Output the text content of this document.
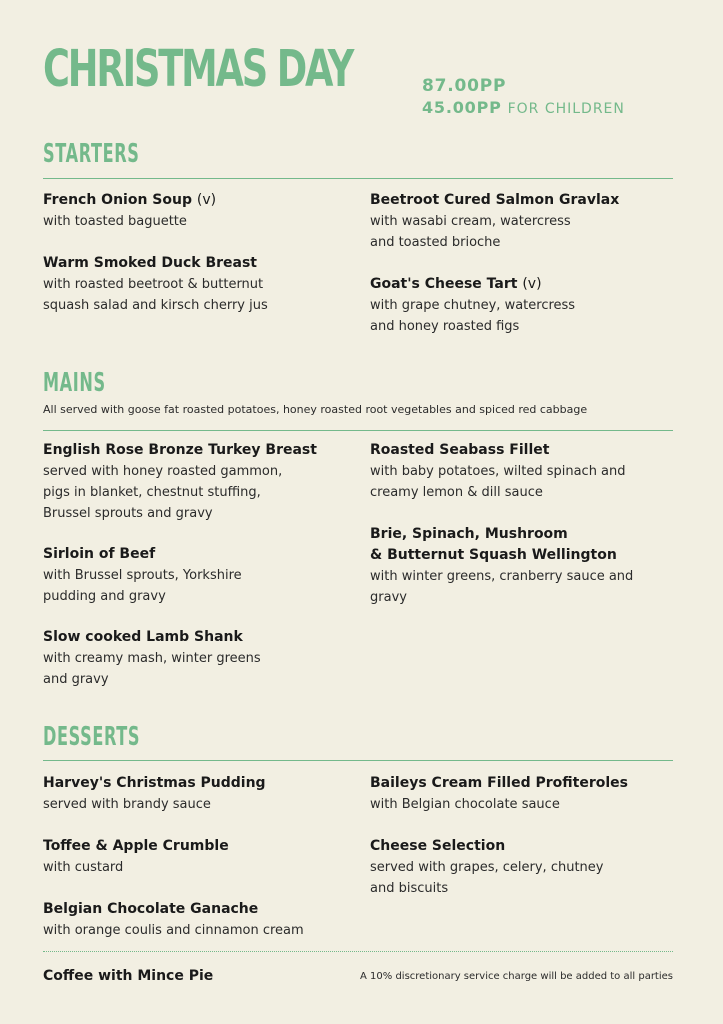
CHRISTMAS DAY	87.00PP
45.00PP FOR CHILDREN
STARTERS
French Onion Soup (v)
with toasted baguette
Warm Smoked Duck Breast
with roasted beetroot & butternut
squash salad and kirsch cherry jus
Beetroot Cured Salmon Gravlax
with wasabi cream, watercress
and toasted brioche
Goat's Cheese Tart (v)
with grape chutney, watercress
and honey roasted figs
MAINS
All served with goose fat roasted potatoes, honey roasted root vegetables and spiced red cabbage
English Rose Bronze Turkey Breast
served with honey roasted gammon,
pigs in blanket, chestnut stuffing,
Brussel sprouts and gravy
Sirloin of Beef
with Brussel sprouts, Yorkshire
pudding and gravy
Slow cooked Lamb Shank
with creamy mash, winter greens
and gravy
Roasted Seabass Fillet
with baby potatoes, wilted spinach and
creamy lemon & dill sauce
Brie, Spinach, Mushroom
& Butternut Squash Wellington
with winter greens, cranberry sauce and
gravy
DESSERTS
Harvey's Christmas Pudding
served with brandy sauce
Toffee & Apple Crumble
with custard
Belgian Chocolate Ganache
with orange coulis and cinnamon cream
Baileys Cream Filled Profiteroles
with Belgian chocolate sauce
Cheese Selection
served with grapes, celery, chutney
and biscuits
Coffee with Mince Pie	A 10% discretionary service charge will be added to all parties
